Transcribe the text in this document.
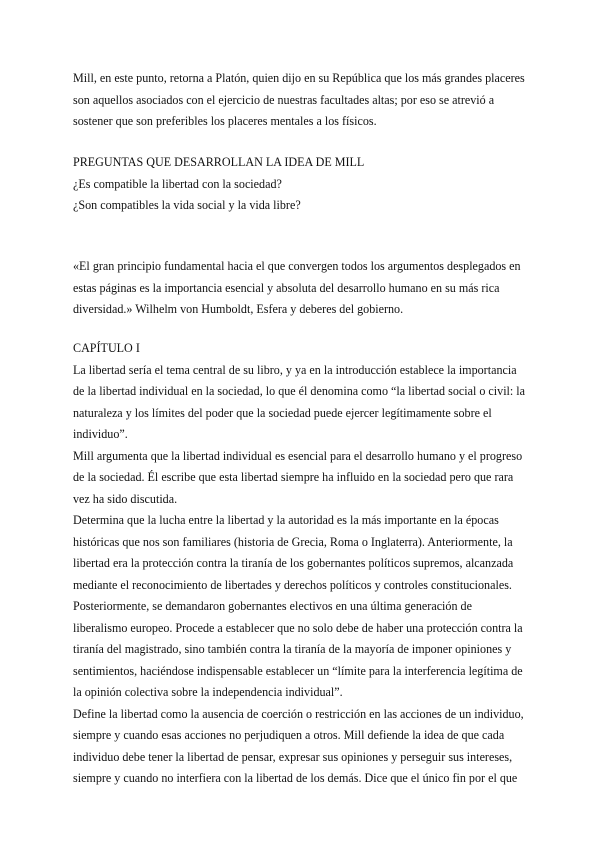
Mill, en este punto, retorna a Platón, quien dijo en su República que los más grandes placeres
son aquellos asociados con el ejercicio de nuestras facultades altas; por eso se atrevió a
sostener que son preferibles los placeres mentales a los físicos.
PREGUNTAS QUE DESARROLLAN LA IDEA DE MILL
¿Es compatible la libertad con la sociedad?
¿Son compatibles la vida social y la vida libre?
«El gran principio fundamental hacia el que convergen todos los argumentos desplegados en
estas páginas es la importancia esencial y absoluta del desarrollo humano en su más rica
diversidad.» Wilhelm von Humboldt, Esfera y deberes del gobierno.
CAPÍTULO I
La libertad sería el tema central de su libro, y ya en la introducción establece la importancia
de la libertad individual en la sociedad, lo que él denomina como “la libertad social o civil: la
naturaleza y los límites del poder que la sociedad puede ejercer legítimamente sobre el
individuo”.
Mill argumenta que la libertad individual es esencial para el desarrollo humano y el progreso
de la sociedad. Él escribe que esta libertad siempre ha influido en la sociedad pero que rara
vez ha sido discutida.
Determina que la lucha entre la libertad y la autoridad es la más importante en la épocas
históricas que nos son familiares (historia de Grecia, Roma o Inglaterra). Anteriormente, la
libertad era la protección contra la tiranía de los gobernantes políticos supremos, alcanzada
mediante el reconocimiento de libertades y derechos políticos y controles constitucionales.
Posteriormente, se demandaron gobernantes electivos en una última generación de
liberalismo europeo. Procede a establecer que no solo debe de haber una protección contra la
tiranía del magistrado, sino también contra la tiranía de la mayoría de imponer opiniones y
sentimientos, haciéndose indispensable establecer un “límite para la interferencia legítima de
la opinión colectiva sobre la independencia individual”.
Define la libertad como la ausencia de coerción o restricción en las acciones de un individuo,
siempre y cuando esas acciones no perjudiquen a otros. Mill defiende la idea de que cada
individuo debe tener la libertad de pensar, expresar sus opiniones y perseguir sus intereses,
siempre y cuando no interfiera con la libertad de los demás. Dice que el único fin por el que
